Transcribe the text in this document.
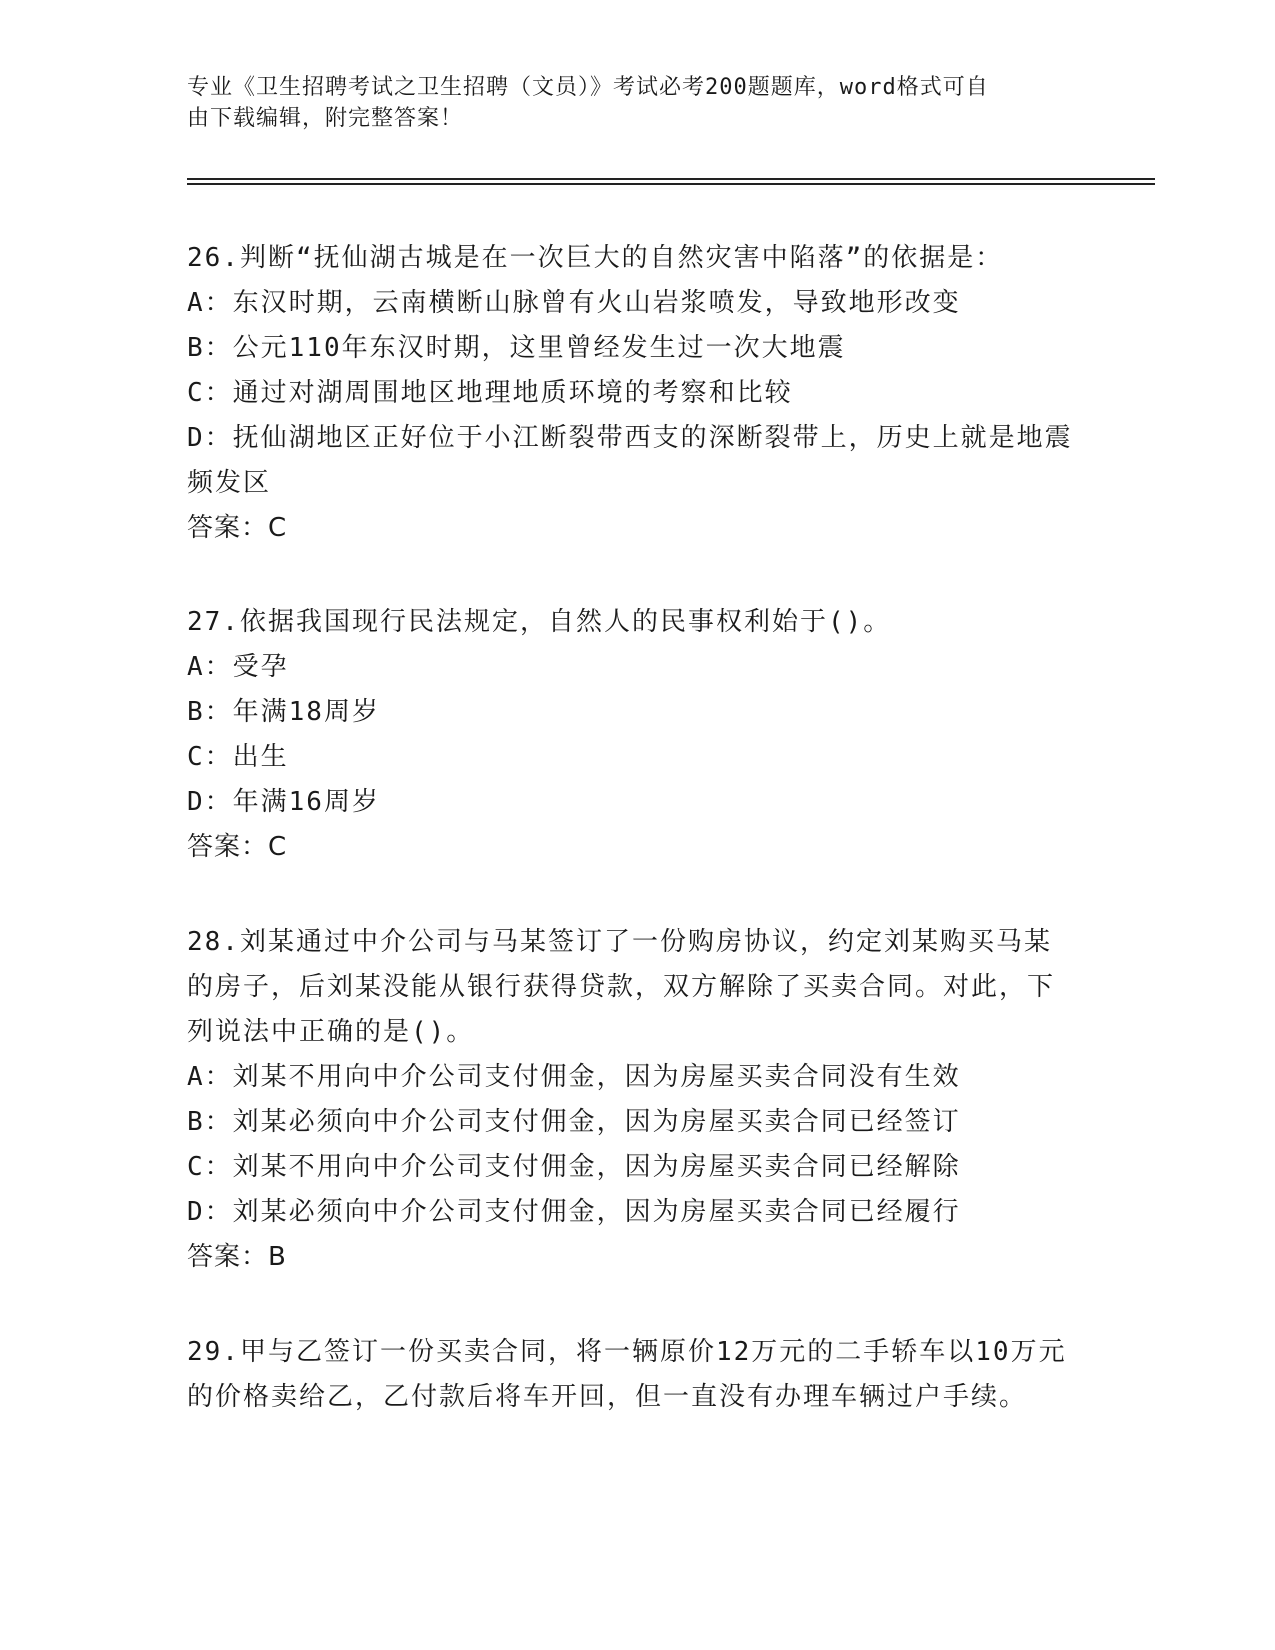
专业《卫生招聘考试之卫生招聘（文员）》考试必考200题题库，word格式可自
由下载编辑，附完整答案！

26.判断“抚仙湖古城是在一次巨大的自然灾害中陷落”的依据是：

A：东汉时期，云南横断山脉曾有火山岩浆喷发，导致地形改变

B：公元110年东汉时期，这里曾经发生过一次大地震

C：通过对湖周围地区地理地质环境的考察和比较

D：抚仙湖地区正好位于小江断裂带西支的深断裂带上，历史上就是地震频发区

答案：C

27.依据我国现行民法规定，自然人的民事权利始于()。

A：受孕

B：年满18周岁

C：出生

D：年满16周岁

答案：C

28.刘某通过中介公司与马某签订了一份购房协议，约定刘某购买马某的房子，后刘某没能从银行获得贷款，双方解除了买卖合同。对此，下列说法中正确的是()。

A：刘某不用向中介公司支付佣金，因为房屋买卖合同没有生效

B：刘某必须向中介公司支付佣金，因为房屋买卖合同已经签订

C：刘某不用向中介公司支付佣金，因为房屋买卖合同已经解除

D：刘某必须向中介公司支付佣金，因为房屋买卖合同已经履行

答案：B

29.甲与乙签订一份买卖合同，将一辆原价12万元的二手轿车以10万元的价格卖给乙，乙付款后将车开回，但一直没有办理车辆过户手续。
